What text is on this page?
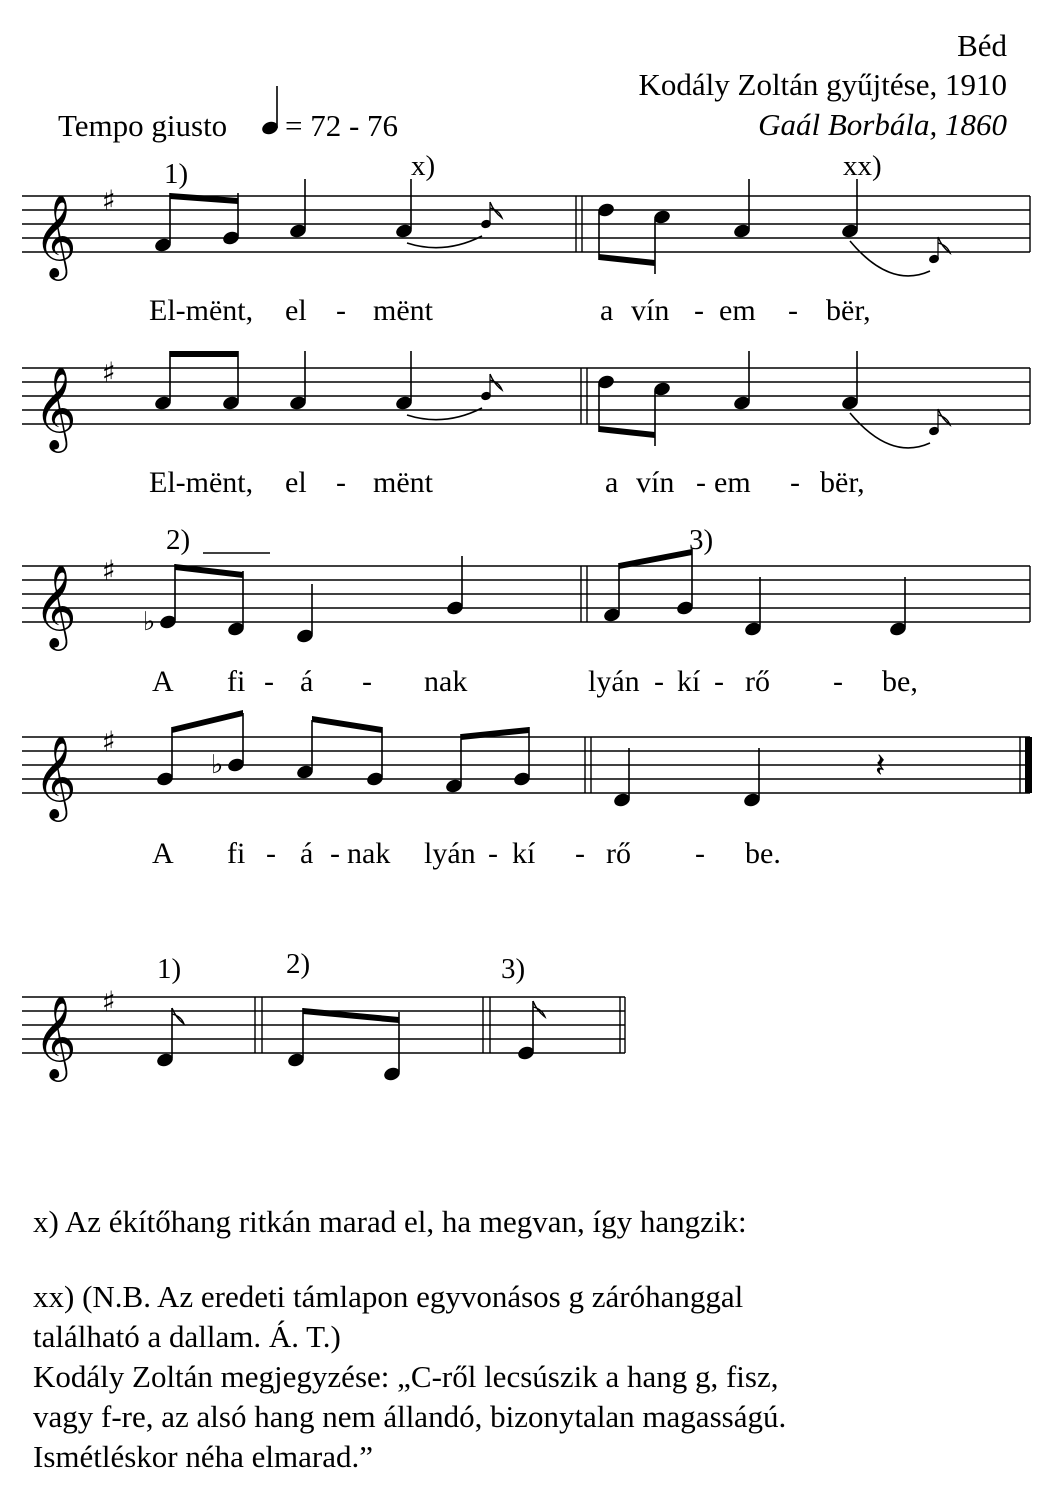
Béd
Kodály Zoltán gyűjtése, 1910
Gaál Borbála, 1860
Tempo giusto = 72 - 76
𝄞 ♯
𝄞 ♯
𝄞 ♯
♭
𝄞 ♯
♭	𝄽
𝄞 ♯
1)	x)	xx)
2)	3)
1)	2)	3)
El-mënt, el - mënt	a vín - em - bër,
El-mënt, el - mënt	a vín - em - bër,
A fi - á - nak	lyán - kí - rő - be,
A fi - á - nak lyán - kí - rő - be.
x) Az ékítőhang ritkán marad el, ha megvan, így hangzik:
xx) (N.B. Az eredeti támlapon egyvonásos g záróhanggal
található a dallam. Á. T.)
Kodály Zoltán megjegyzése: „C-ről lecsúszik a hang g, fisz,
vagy f-re, az alsó hang nem állandó, bizonytalan magasságú.
Ismétléskor néha elmarad.”
